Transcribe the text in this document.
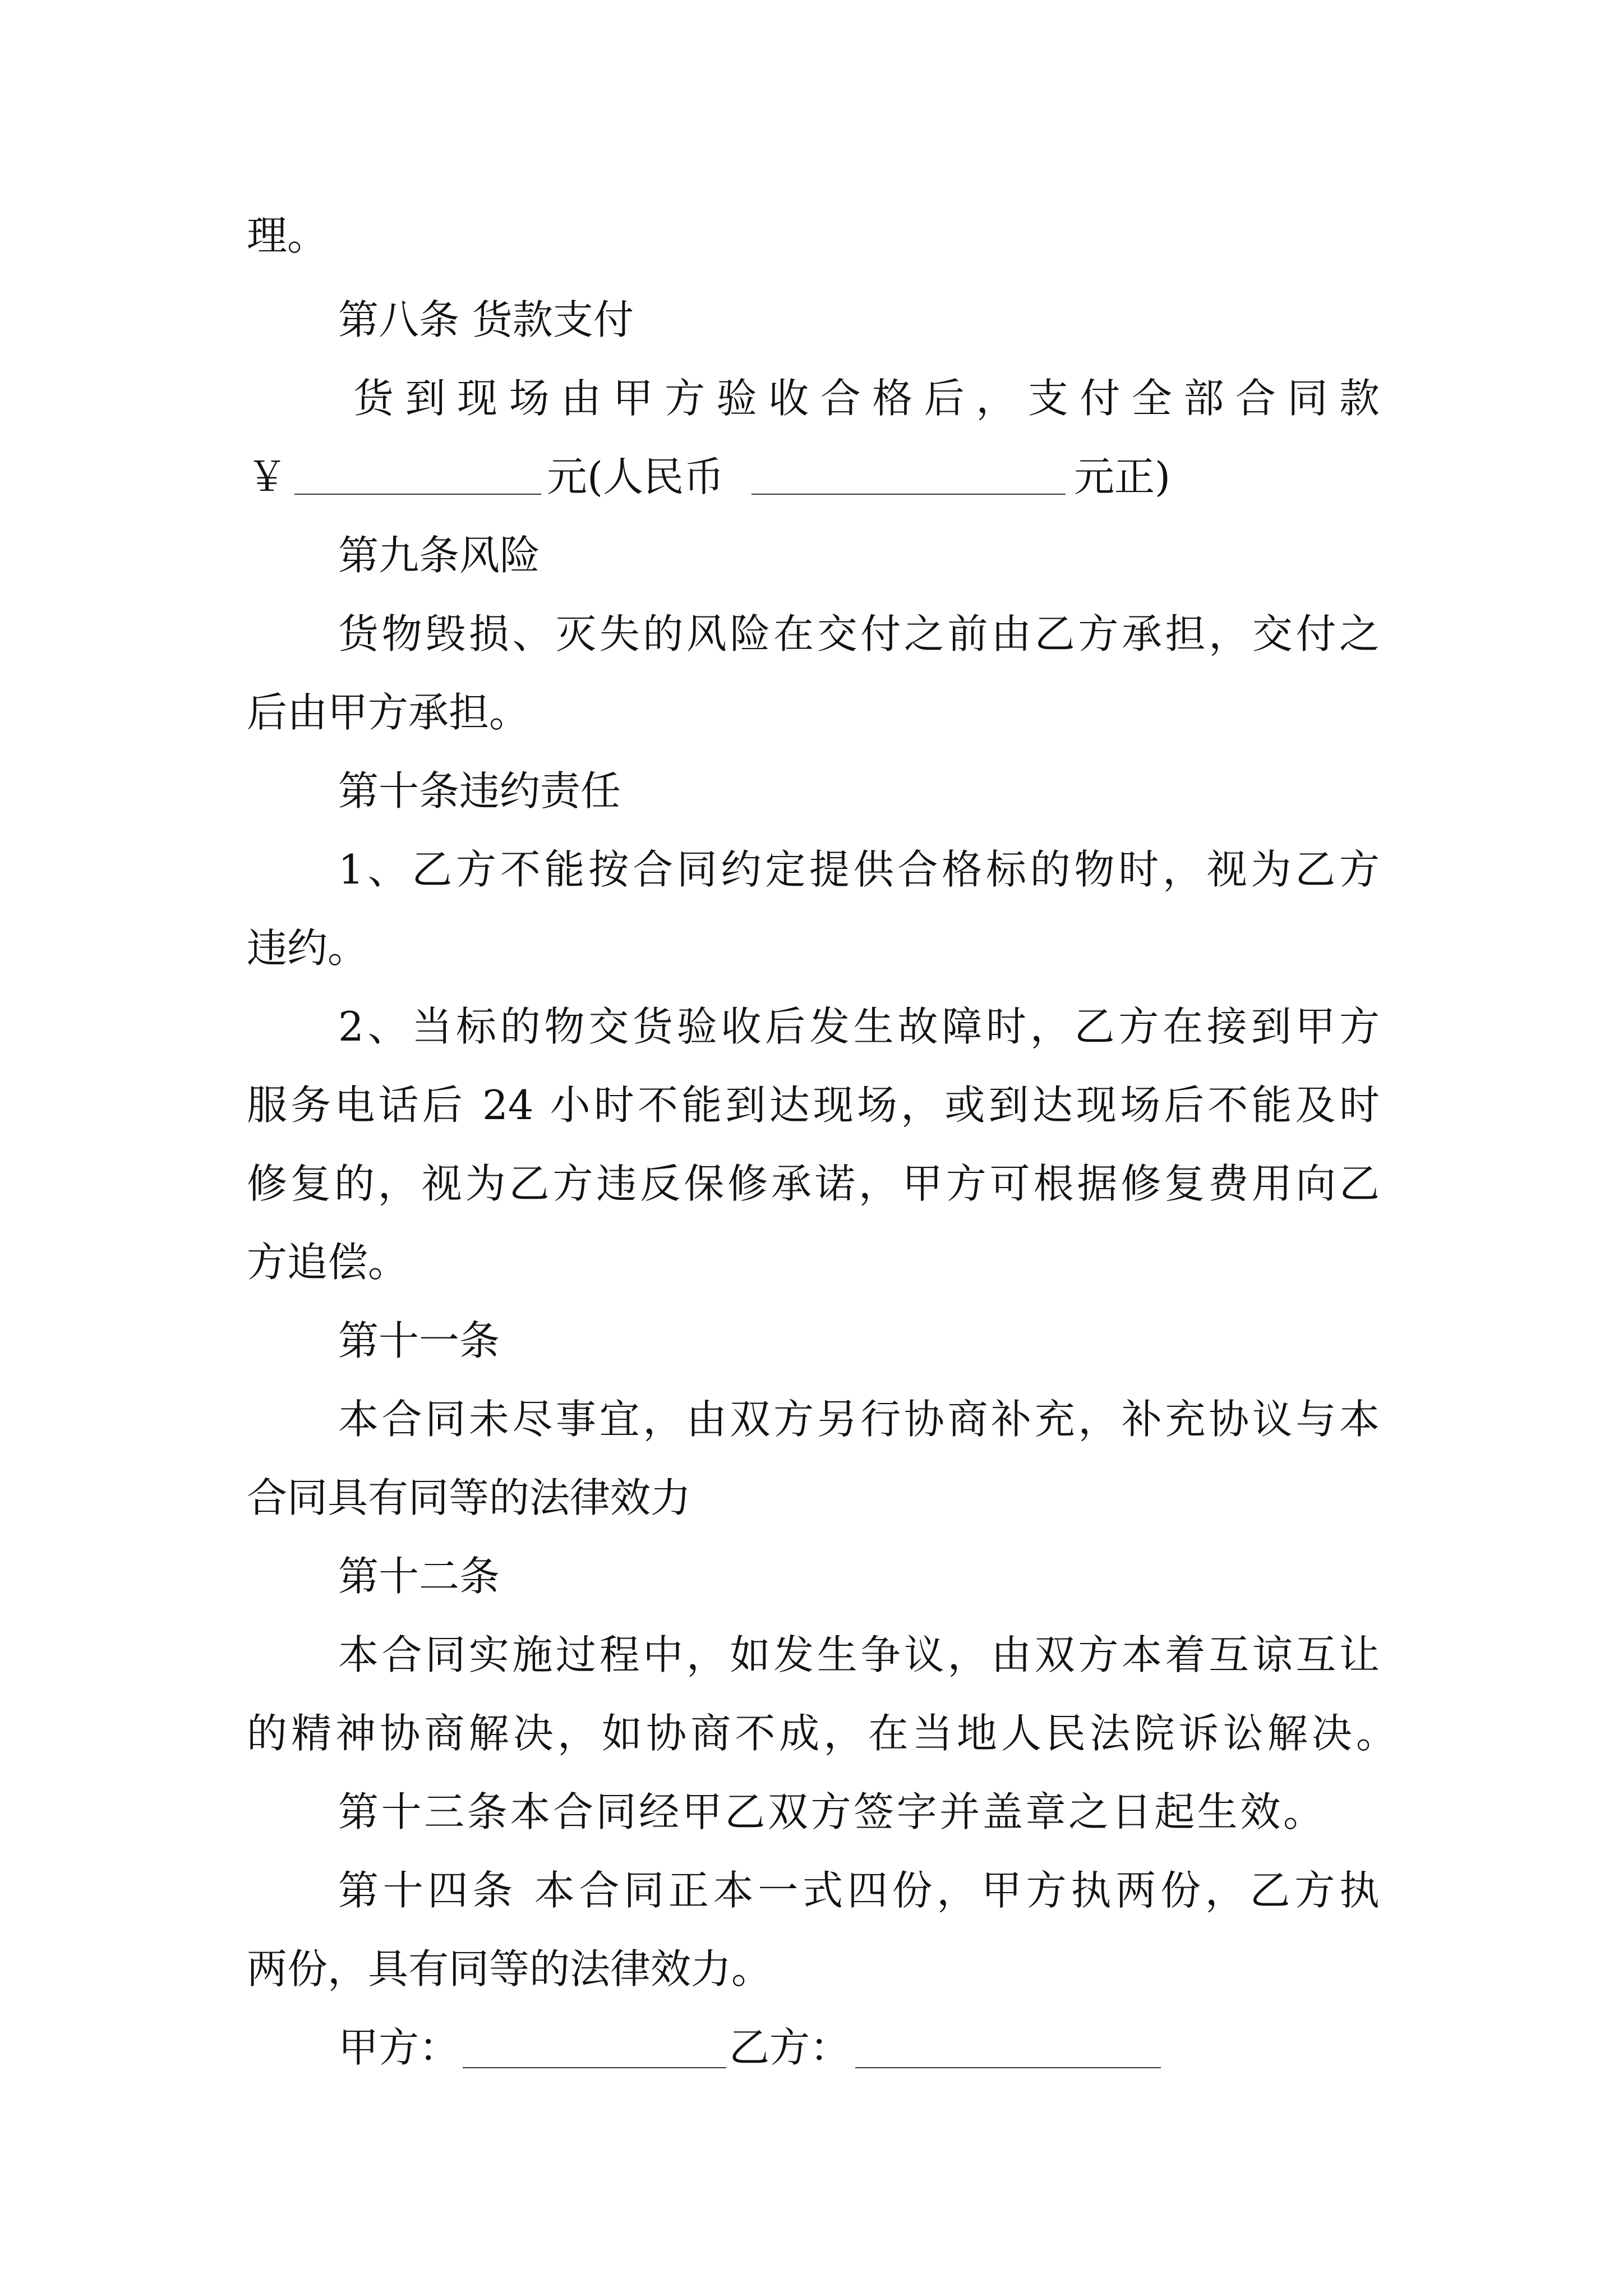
理。
第八条 货款支付
货到现场由甲方验收合格后，支付全部合同款
￥	元(人民币	元正)
第九条风险
货物毁损、灭失的风险在交付之前由乙方承担，交付之
后由甲方承担。
第十条违约责任
1、乙方不能按合同约定提供合格标的物时，视为乙方
违约。
2、当标的物交货验收后发生故障时，乙方在接到甲方
服务电话后 24 小时不能到达现场，或到达现场后不能及时
修复的，视为乙方违反保修承诺，甲方可根据修复费用向乙
方追偿。
第十一条
本合同未尽事宜，由双方另行协商补充，补充协议与本
合同具有同等的法律效力
第十二条
本合同实施过程中，如发生争议，由双方本着互谅互让
的精神协商解决，如协商不成，在当地人民法院诉讼解决。
第十三条本合同经甲乙双方签字并盖章之日起生效。
第十四条 本合同正本一式四份，甲方执两份，乙方执
两份，具有同等的法律效力。
甲方：	乙方：
